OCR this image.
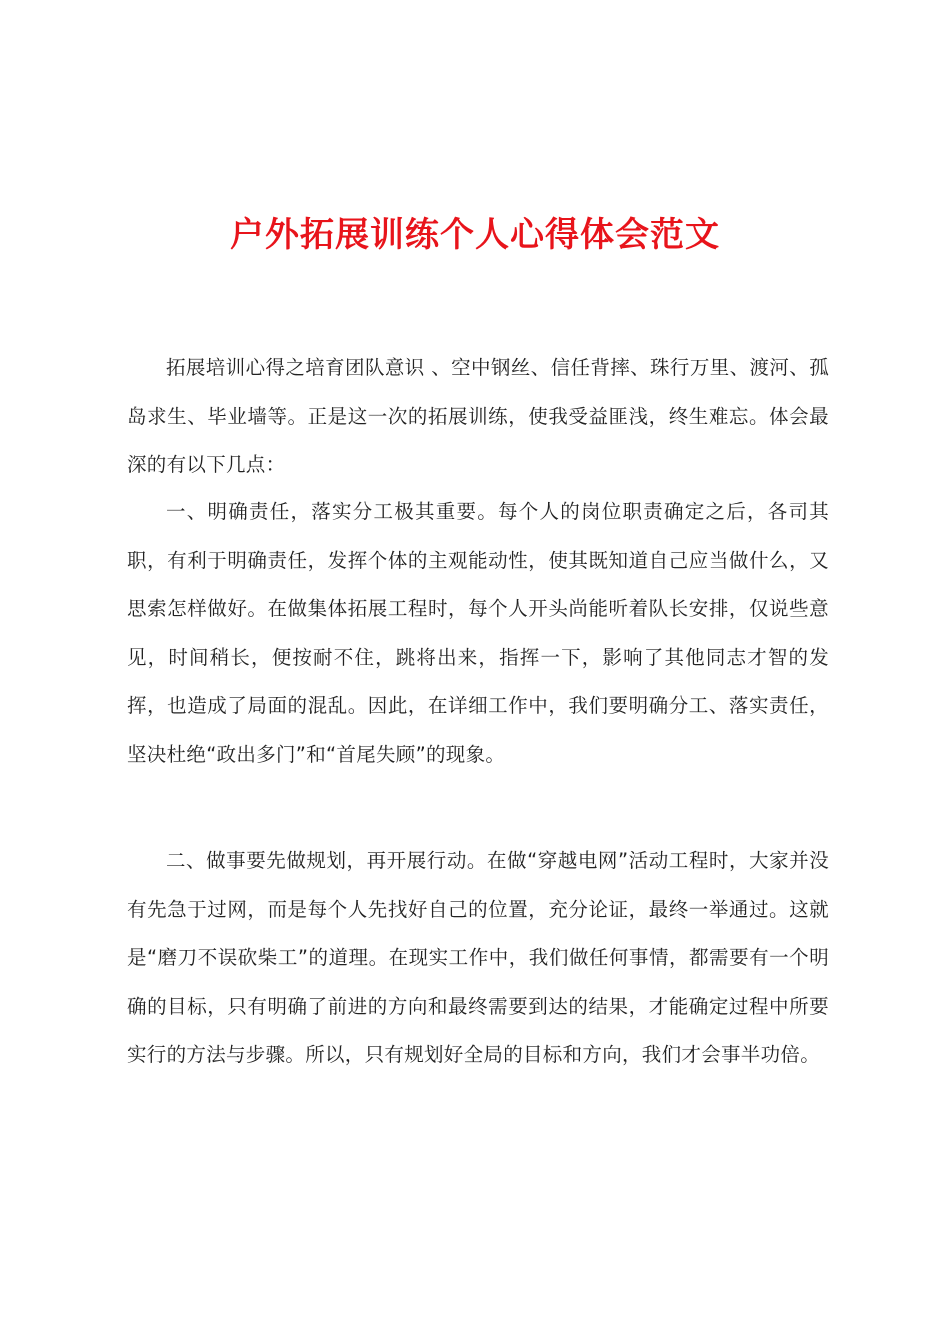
户外拓展训练个人心得体会范文

拓展培训心得之培育团队意识 、空中钢丝、信任背摔、珠行万里、渡河、孤岛求生、毕业墙等。正是这一次的拓展训练，使我受益匪浅，终生难忘。体会最深的有以下几点：

一、明确责任，落实分工极其重要。每个人的岗位职责确定之后，各司其职，有利于明确责任，发挥个体的主观能动性，使其既知道自己应当做什么，又思索怎样做好。在做集体拓展工程时，每个人开头尚能听着队长安排，仅说些意见，时间稍长，便按耐不住，跳将出来，指挥一下，影响了其他同志才智的发挥，也造成了局面的混乱。因此，在详细工作中，我们要明确分工、落实责任，坚决杜绝“政出多门”和“首尾失顾”的现象。

二、做事要先做规划，再开展行动。在做“穿越电网”活动工程时，大家并没有先急于过网，而是每个人先找好自己的位置，充分论证，最终一举通过。这就是“磨刀不误砍柴工”的道理。在现实工作中，我们做任何事情，都需要有一个明确的目标，只有明确了前进的方向和最终需要到达的结果，才能确定过程中所要实行的方法与步骤。所以，只有规划好全局的目标和方向，我们才会事半功倍。
